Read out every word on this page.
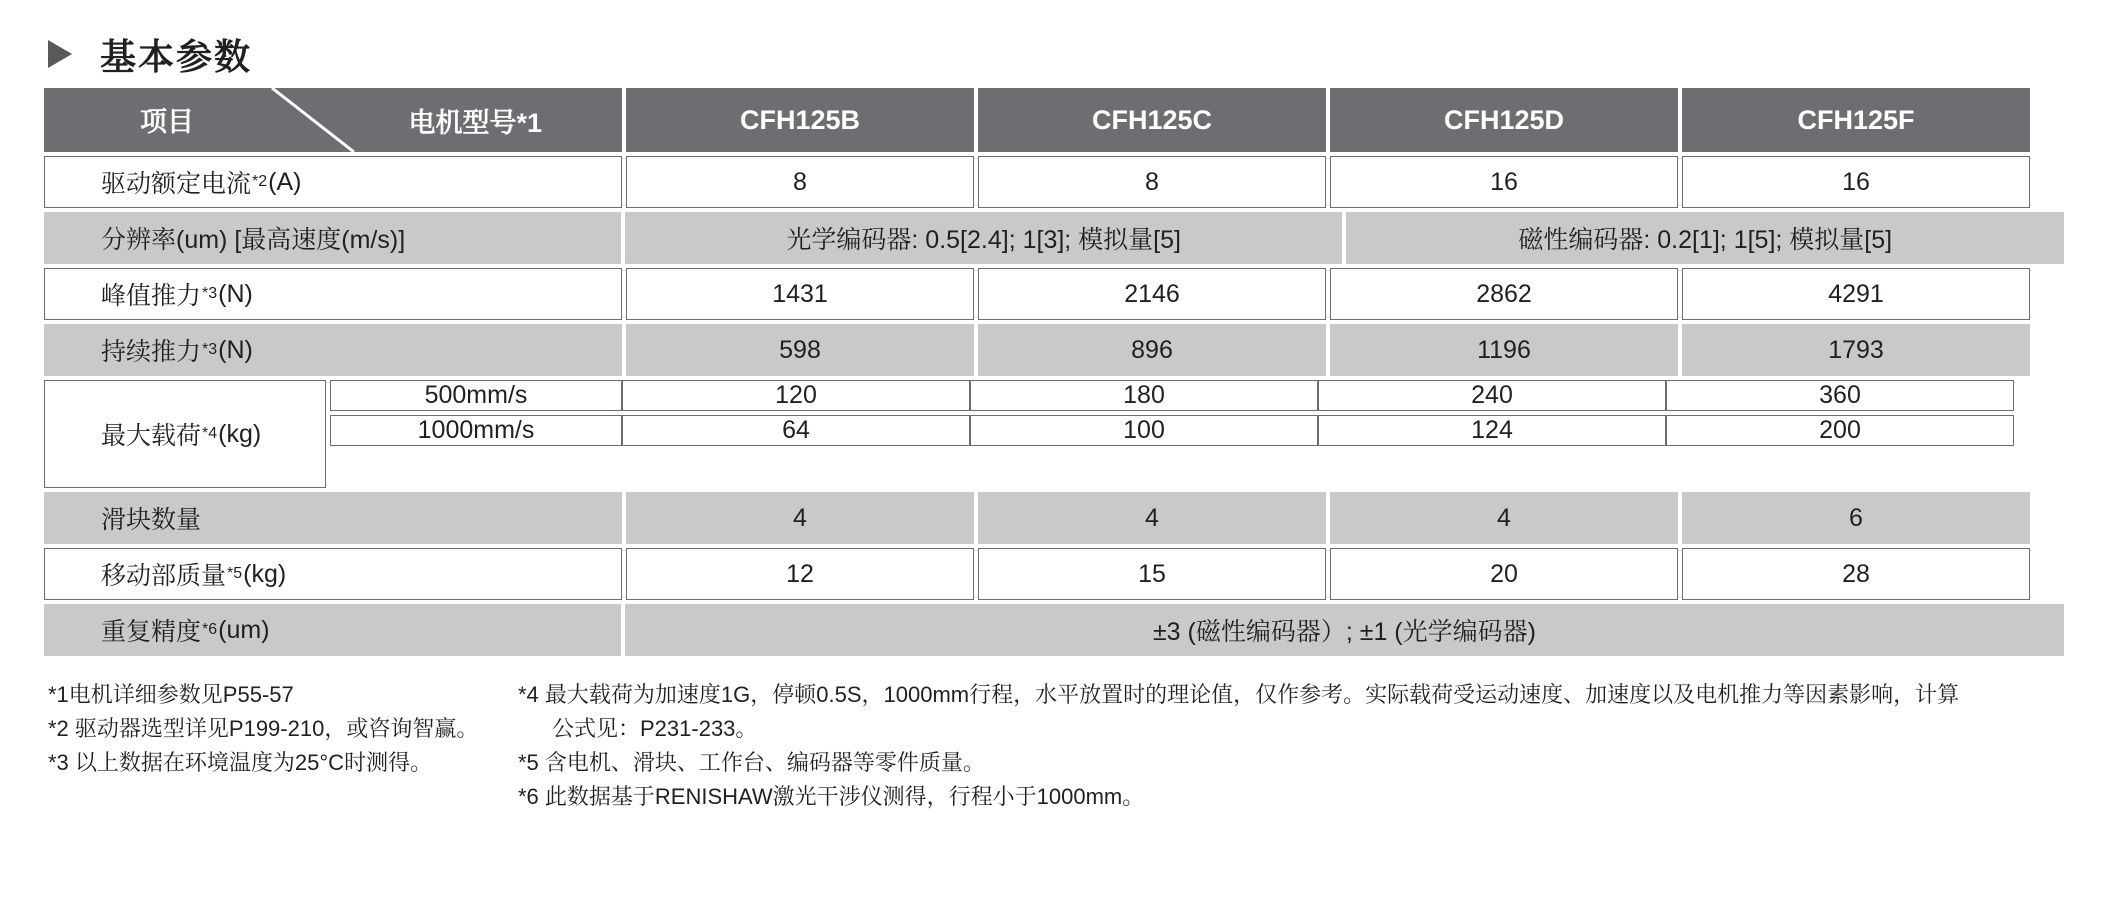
基本参数
项目	电机型号*1	CFH125B	CFH125C	CFH125D	CFH125F
驱动额定电流 *2 (A)	8	8	16	16
分辨率(um) [最高速度(m/s)]	光学编码器: 0.5[2.4]; 1[3]; 模拟量[5]	磁性编码器: 0.2[1]; 1[5]; 模拟量[5]
峰值推力 *3 (N)	1431	2146	2862	4291
持续推力 *3 (N)	598	896	1196	1793
最大载荷 *4 (kg)
500mm/s	120	180	240	360
1000mm/s	64	100	124	200
滑块数量	4	4	4	6
移动部质量 *5 (kg)	12	15	20	28
重复精度 *6 (um)	±3 (磁性编码器）; ±1 (光学编码器)
*1电机详细参数见P55-57
*2 驱动器选型详见P199-210，或咨询智赢。
*3 以上数据在环境温度为25°C时测得。
*4 最大载荷为加速度1G，停顿0.5S，1000mm行程，水平放置时的理论值，仅作参考。实际载荷受运动速度、加速度以及电机推力等因素影响，计算
公式见：P231-233。
*5 含电机、滑块、工作台、编码器等零件质量。
*6 此数据基于RENISHAW激光干涉仪测得，行程小于1000mm。
